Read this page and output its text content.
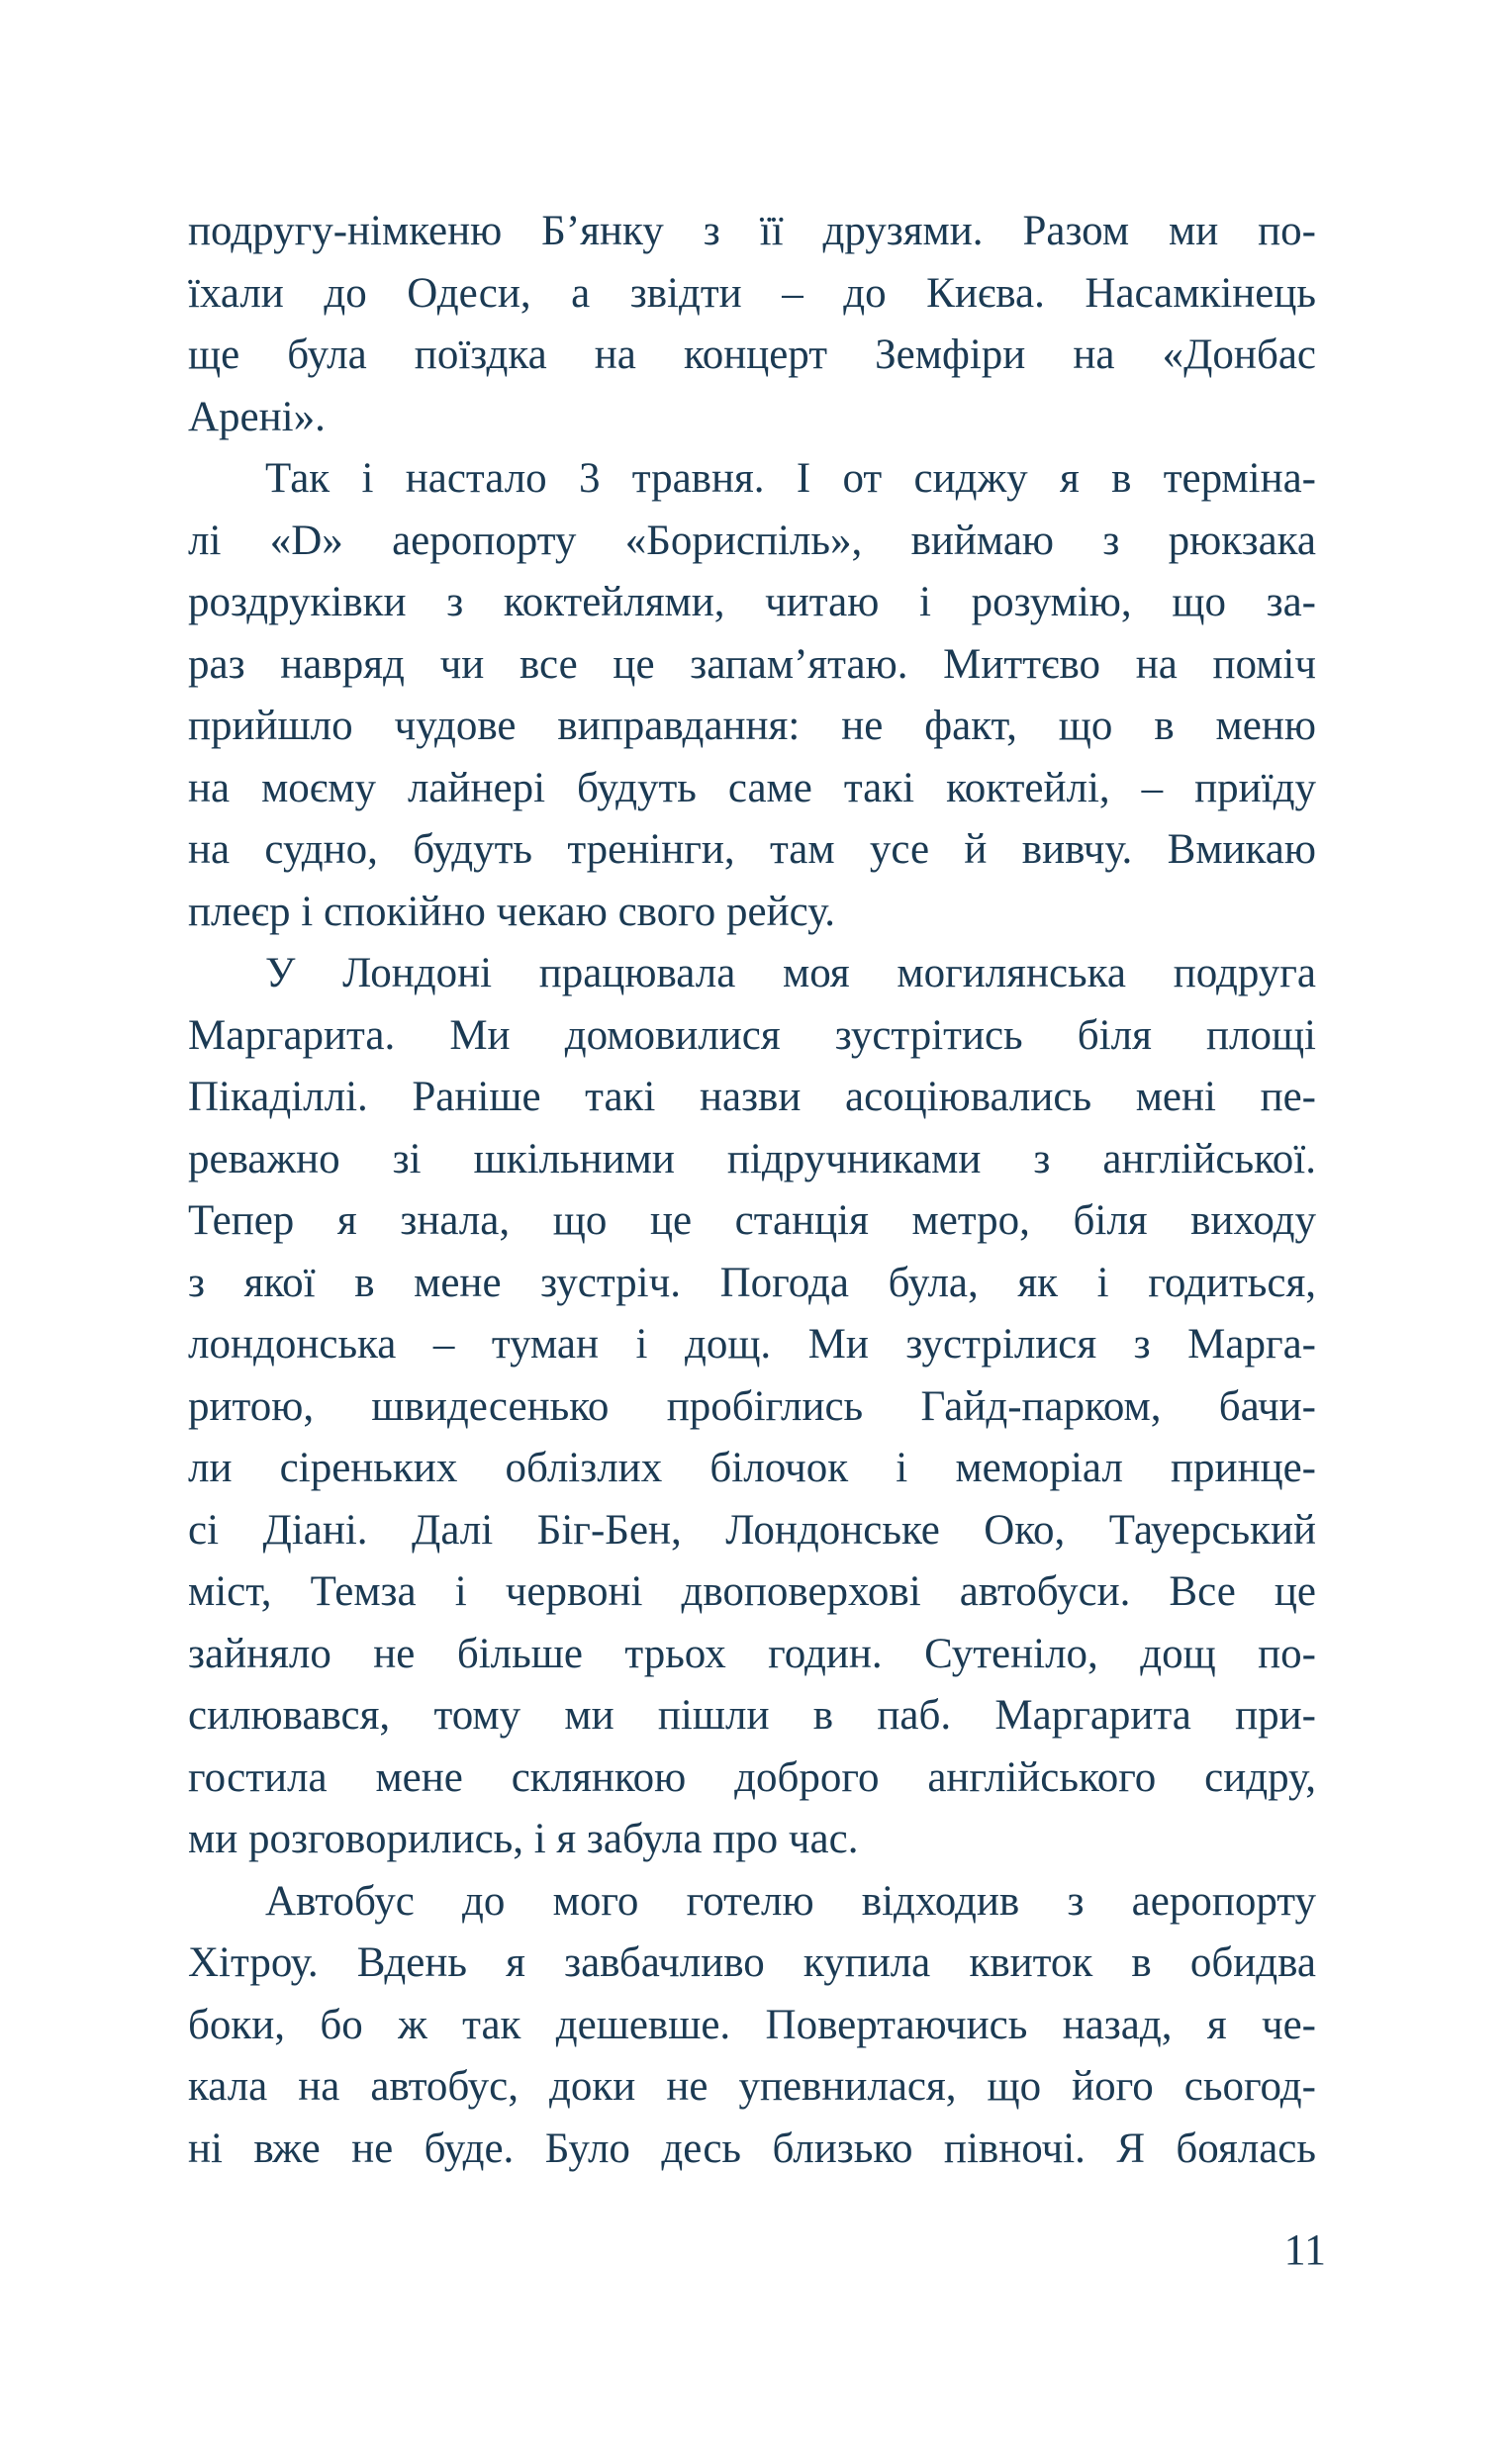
подругу-німкеню Б’янку з її друзями. Разом ми по-
їхали до Одеси, а звідти – до Києва. Насамкінець
ще була поїздка на концерт Земфіри на «Донбас
Арені».
Так і настало 3 травня. І от сиджу я в терміна-
лі «D» аеропорту «Бориспіль», виймаю з рюкзака
роздруківки з коктейлями, читаю і розумію, що за-
раз навряд чи все це запам’ятаю. Миттєво на поміч
прийшло чудове виправдання: не факт, що в меню
на моєму лайнері будуть саме такі коктейлі, – приїду
на судно, будуть тренінги, там усе й вивчу. Вмикаю
плеєр і спокійно чекаю свого рейсу.
У Лондоні працювала моя могилянська подруга
Маргарита. Ми домовилися зустрітись біля площі
Пікаділлі. Раніше такі назви асоціювались мені пе-
реважно зі шкільними підручниками з англійської.
Тепер я знала, що це станція метро, біля виходу
з якої в мене зустріч. Погода була, як і годиться,
лондонська – туман і дощ. Ми зустрілися з Марга-
ритою, швидесенько пробіглись Гайд-парком, бачи-
ли сіреньких облізлих білочок і меморіал принце-
сі Діані. Далі Біг-Бен, Лондонське Око, Тауерський
міст, Темза і червоні двоповерхові автобуси. Все це
зайняло не більше трьох годин. Сутеніло, дощ по-
силювався, тому ми пішли в паб. Маргарита при-
гостила мене склянкою доброго англійського сидру,
ми розговорились, і я забула про час.
Автобус до мого готелю відходив з аеропорту
Хітроу. Вдень я завбачливо купила квиток в обидва
боки, бо ж так дешевше. Повертаючись назад, я че-
кала на автобус, доки не упевнилася, що його сьогод-
ні вже не буде. Було десь близько півночі. Я боялась
11
